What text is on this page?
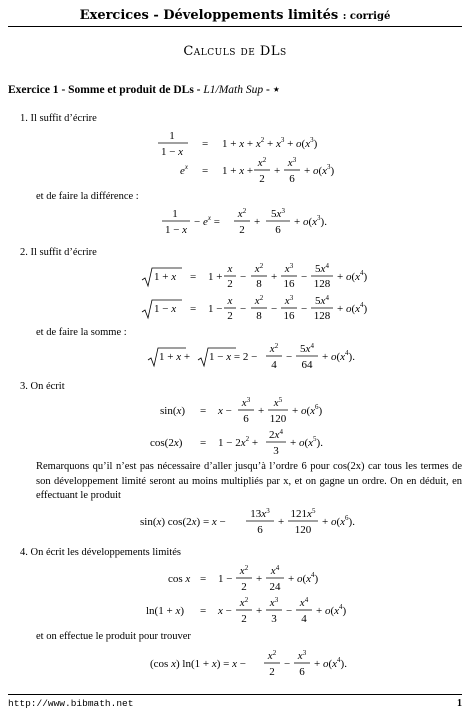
Exercices - Développements limités : corrigé
Calculs de DLs
Exercice 1 - Somme et produit de DLs - L1/Math Sup - ⋆
1. Il suffit d’écrire
1
1 − x
= $1 + x + x^2 + x^3 + o(x^3)$
$e^x = 1 + x$ +
$x^2$
2
+
$x^3$
6
+ $o(x^3)$
et de faire la différence :
1
1 − x
− $e^x$ =
$x^2$
2
+
$5x^3$
6
+ $o(x^3)$.
2. Il suffit d’écrire
1 + x = 1 +
x
2
−
$x^2$
8
+
$x^3$
16
−
$5x^4$
128
+ $o(x^4)$
1 − x = 1 −
x
2
−
$x^2$
8
−
$x^3$
16
−
$5x^4$
128
+ $o(x^4)$
et de faire la somme :
1 + x + 1 − x = 2 −
$x^2$
4
−
$5x^4$
64
+ $o(x^4)$.
3. On écrit
sin(x) = x −
$x^3$
6
+
$x^5$
120
+ $o(x^6)$
$\cos(2x) = 1 - 2x^2$ +
$2x^4$
3
+ $o(x^5)$.
Remarquons qu’il n’est pas nécessaire d’aller jusqu’à l’ordre 6 pour cos(2x) car tous les termes de son développement limité seront au moins multipliés par x, et on gagne un ordre. On en déduit, en effectuant le produit
sin(x) cos(2x) = x −
$13x^3$
6
+
$121x^5$
120
+ $o(x^6)$.
4. On écrit les développements limités
cos x = 1 −
$x^2$
2
+
$x^4$
24
+ $o(x^4)$
ln(1 + x) = x −
$x^2$
2
+
$x^3$
3
−
$x^4$
4
+ $o(x^4)$
et on effectue le produit pour trouver
(cos x) ln(1 + x) = x −
$x^2$
2
−
$x^3$
6
+ $o(x^4)$.
http://www.bibmath.net	1
